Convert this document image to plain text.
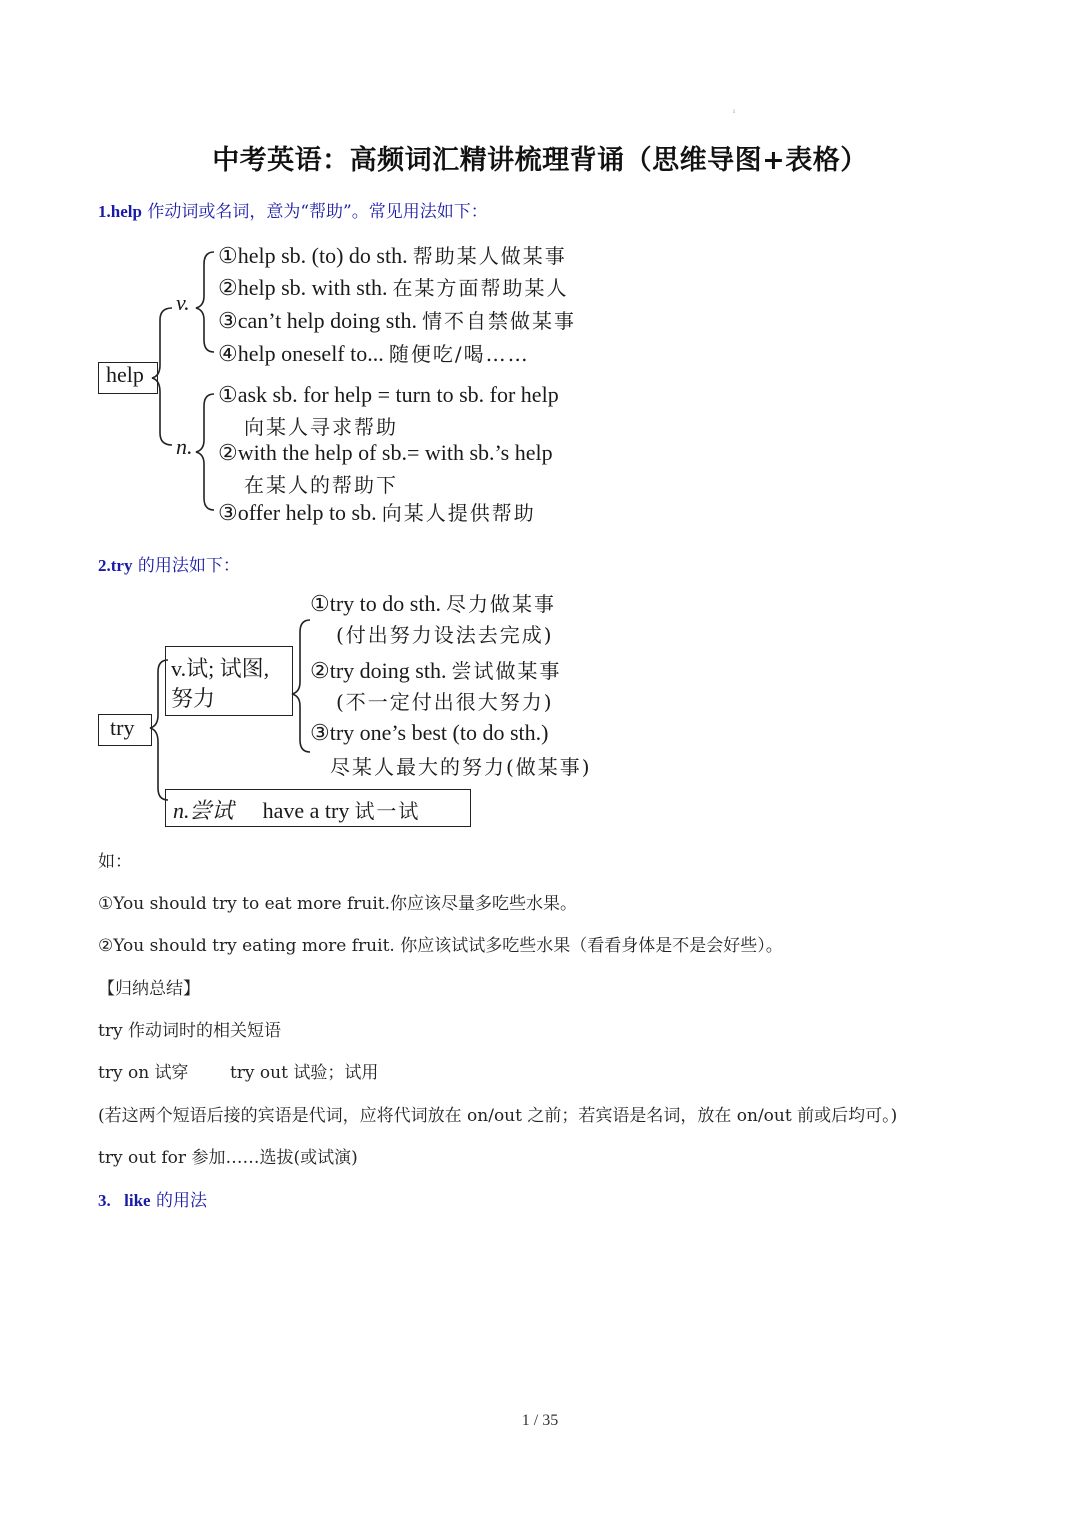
ı
中考英语：高频词汇精讲梳理背诵（思维导图+表格）
1.help 作动词或名词，意为“帮助”。常见用法如下：
help
v.
n.
①help sb. (to) do sth. 帮助某人做某事
②help sb. with sth. 在某方面帮助某人
③can’t help doing sth. 情不自禁做某事
④help oneself to... 随便吃/喝……
①ask sb. for help = turn to sb. for help
向某人寻求帮助
②with the help of sb.= with sb.’s help
在某人的帮助下
③offer help to sb. 向某人提供帮助
2.try 的用法如下：
try
v.试; 试图,
努力
①try to do sth. 尽力做某事
(付出努力设法去完成)
②try doing sth. 尝试做某事
(不一定付出很大努力)
③try one’s best (to do sth.)
尽某人最大的努力(做某事)
n.尝试 have a try 试一试
如：
①You should try to eat more fruit.你应该尽量多吃些水果。
②You should try eating more fruit. 你应该试试多吃些水果（看看身体是不是会好些）。
【归纳总结】
try 作动词时的相关短语
try on 试穿 try out 试验；试用
(若这两个短语后接的宾语是代词，应将代词放在 on/out 之前；若宾语是名词，放在 on/out 前或后均可。)
try out for 参加……选拔(或试演)
3. like 的用法
1 / 35
